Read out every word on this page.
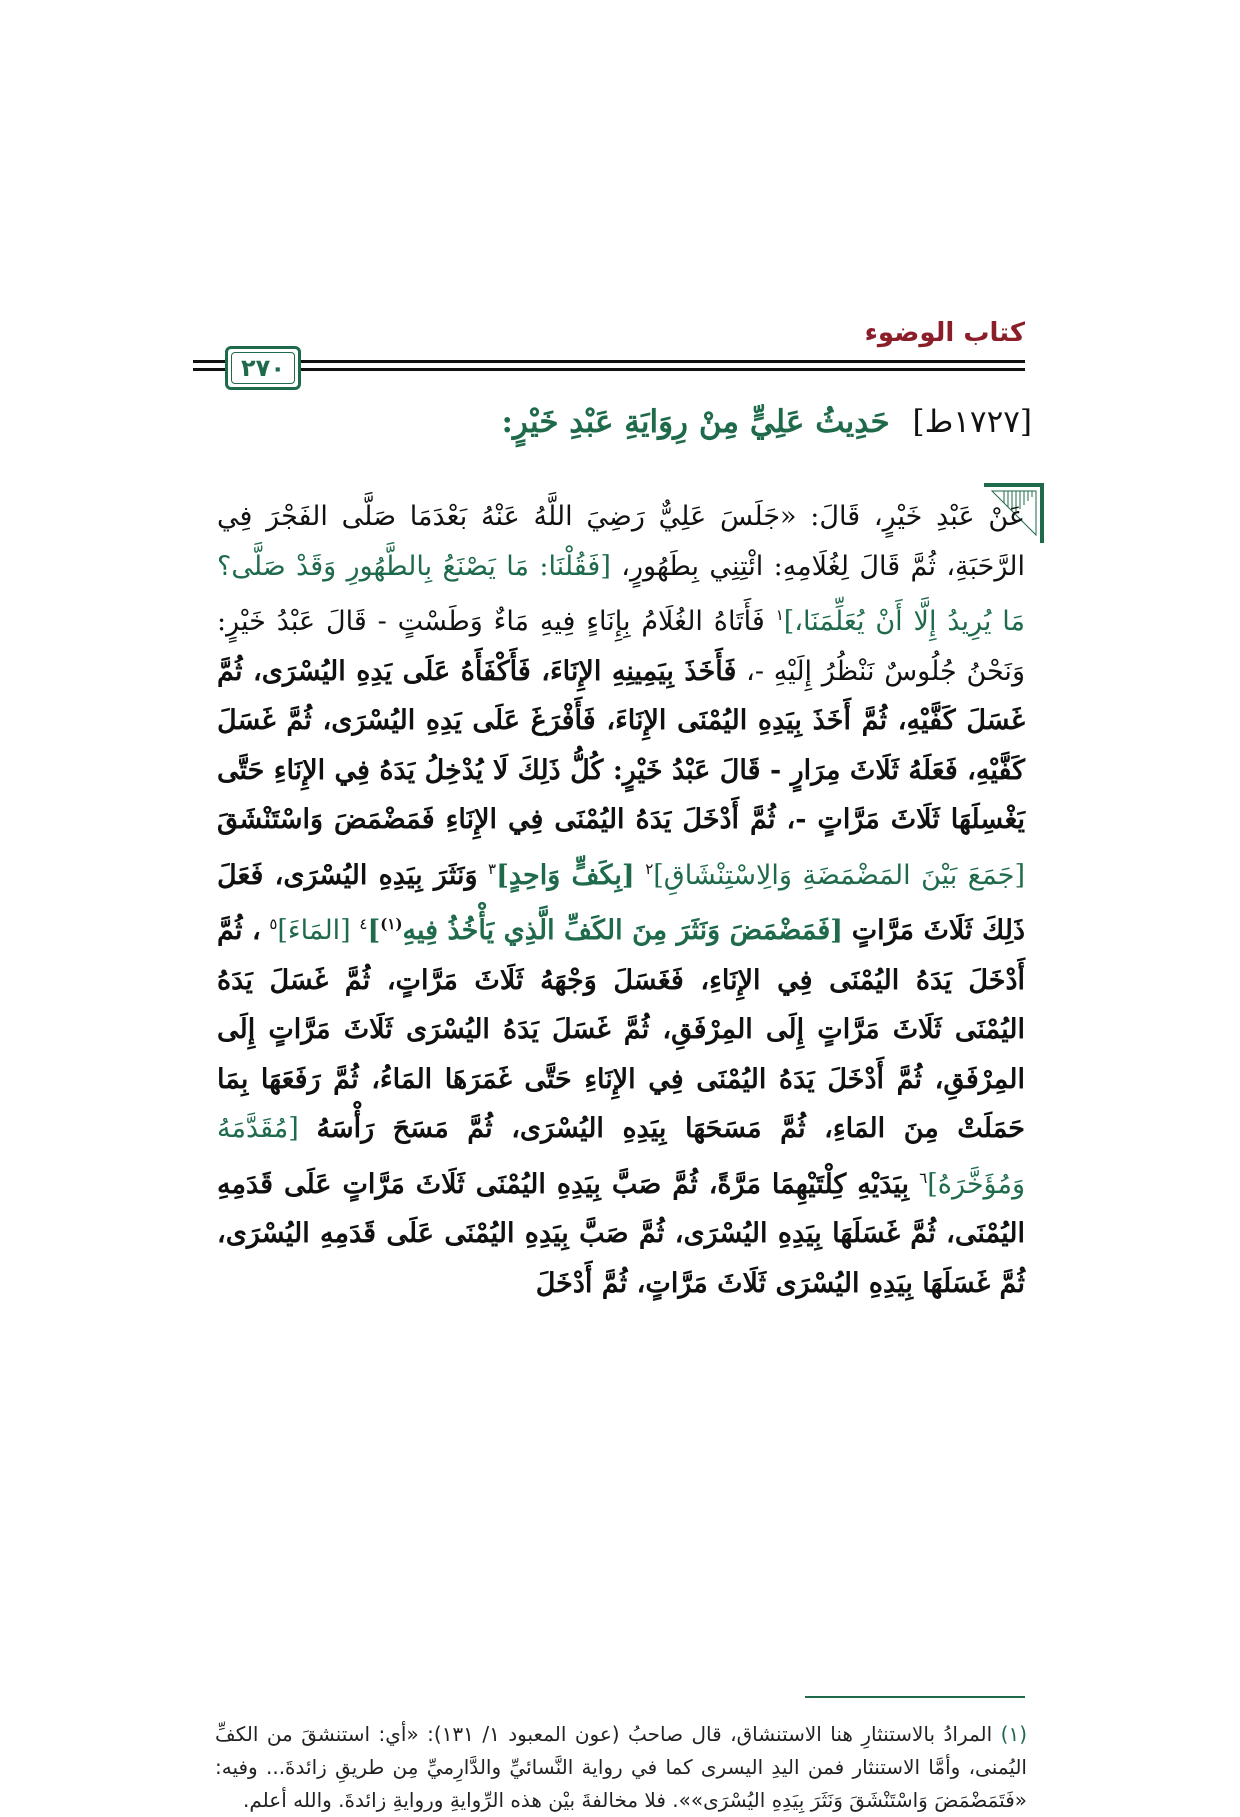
كتاب الوضوء
٢٧٠
[١٧٢٧ط] حَدِيثُ عَلِيٍّ مِنْ رِوَايَةِ عَبْدِ خَيْرٍ:
عَنْ عَبْدِ خَيْرٍ، قَالَ: «جَلَسَ عَلِيٌّ رَضِيَ اللَّهُ عَنْهُ بَعْدَمَا صَلَّى الفَجْرَ فِي الرَّحَبَةِ، ثُمَّ قَالَ لِغُلَامِهِ: ائْتِنِي بِطَهُورٍ، [فَقُلْنَا: مَا يَصْنَعُ بِالطَّهُورِ وَقَدْ صَلَّى؟ مَا يُرِيدُ إِلَّا أَنْ يُعَلِّمَنَا،]$^١$ فَأَتَاهُ الغُلَامُ بِإِنَاءٍ فِيهِ مَاءٌ وَطَسْتٍ - قَالَ عَبْدُ خَيْرٍ: وَنَحْنُ جُلُوسٌ نَنْظُرُ إِلَيْهِ -، فَأَخَذَ بِيَمِينِهِ الإِنَاءَ، فَأَكْفَأَهُ عَلَى يَدِهِ اليُسْرَى، ثُمَّ غَسَلَ كَفَّيْهِ، ثُمَّ أَخَذَ بِيَدِهِ اليُمْنَى الإِنَاءَ، فَأَفْرَغَ عَلَى يَدِهِ اليُسْرَى، ثُمَّ غَسَلَ كَفَّيْهِ، فَعَلَهُ ثَلَاثَ مِرَارٍ - قَالَ عَبْدُ خَيْرٍ: كُلُّ ذَلِكَ لَا يُدْخِلُ يَدَهُ فِي الإِنَاءِ حَتَّى يَغْسِلَهَا ثَلَاثَ مَرَّاتٍ -، ثُمَّ أَدْخَلَ يَدَهُ اليُمْنَى فِي الإِنَاءِ فَمَضْمَضَ وَاسْتَنْشَقَ [جَمَعَ بَيْنَ المَضْمَضَةِ وَالِاسْتِنْشَاقِ]$^٢$ [بِكَفٍّ وَاحِدٍ]$^٣$ وَنَثَرَ بِيَدِهِ اليُسْرَى، فَعَلَ ذَلِكَ ثَلَاثَ مَرَّاتٍ [فَمَضْمَضَ وَنَثَرَ مِنَ الكَفِّ الَّذِي يَأْخُذُ فِيهِ$^{(١)}$]$^٤$ [المَاءَ]$^٥$ ، ثُمَّ أَدْخَلَ يَدَهُ اليُمْنَى فِي الإِنَاءِ، فَغَسَلَ وَجْهَهُ ثَلَاثَ مَرَّاتٍ، ثُمَّ غَسَلَ يَدَهُ اليُمْنَى ثَلَاثَ مَرَّاتٍ إِلَى المِرْفَقِ، ثُمَّ غَسَلَ يَدَهُ اليُسْرَى ثَلَاثَ مَرَّاتٍ إِلَى المِرْفَقِ، ثُمَّ أَدْخَلَ يَدَهُ اليُمْنَى فِي الإِنَاءِ حَتَّى غَمَرَهَا المَاءُ، ثُمَّ رَفَعَهَا بِمَا حَمَلَتْ مِنَ المَاءِ، ثُمَّ مَسَحَهَا بِيَدِهِ اليُسْرَى، ثُمَّ مَسَحَ رَأْسَهُ [مُقَدَّمَهُ وَمُؤَخَّرَهُ]$^٦$ بِيَدَيْهِ كِلْتَيْهِمَا مَرَّةً، ثُمَّ صَبَّ بِيَدِهِ اليُمْنَى ثَلَاثَ مَرَّاتٍ عَلَى قَدَمِهِ اليُمْنَى، ثُمَّ غَسَلَهَا بِيَدِهِ اليُسْرَى، ثُمَّ صَبَّ بِيَدِهِ اليُمْنَى عَلَى قَدَمِهِ اليُسْرَى، ثُمَّ غَسَلَهَا بِيَدِهِ اليُسْرَى ثَلَاثَ مَرَّاتٍ، ثُمَّ أَدْخَلَ
(١) المرادُ بالاستنثارِ هنا الاستنشاق، قال صاحبُ (عون المعبود ١/ ١٣١): «أي: استنشقَ من الكفِّ اليُمنى، وأمَّا الاستنثار فمن اليدِ اليسرى كما في رواية النَّسائيِّ والدَّارِميِّ مِن طريقِ زائدةَ... وفيه: «فَتَمَضْمَضَ وَاسْتَنْشَقَ وَنَثَرَ بِيَدِهِ اليُسْرَى»». فلا مخالفةَ بيْن هذه الرِّوايةِ وروايةِ زائدةَ. والله أعلم.
